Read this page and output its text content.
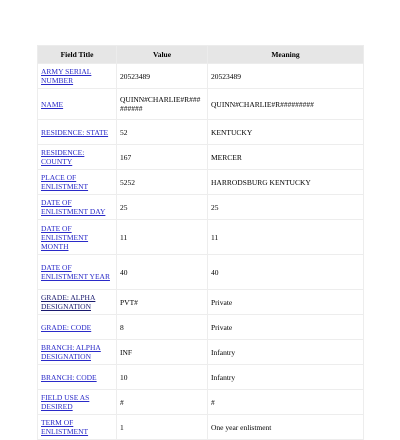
Field Title	Value	Meaning
ARMY SERIAL NUMBER	20523489	20523489
NAME	QUINN#CHARLIE#R#########	QUINN#CHARLIE#R#########
RESIDENCE: STATE	52	KENTUCKY
RESIDENCE: COUNTY	167	MERCER
PLACE OF ENLISTMENT	5252	HARRODSBURG KENTUCKY
DATE OF ENLISTMENT DAY	25	25
DATE OF ENLISTMENT MONTH	11	11
DATE OF ENLISTMENT YEAR	40	40
GRADE: ALPHA DESIGNATION	PVT#	Private
GRADE: CODE	8	Private
BRANCH: ALPHA DESIGNATION	INF	Infantry
BRANCH: CODE	10	Infantry
FIELD USE AS DESIRED	#	#
TERM OF ENLISTMENT	1	One year enlistment
